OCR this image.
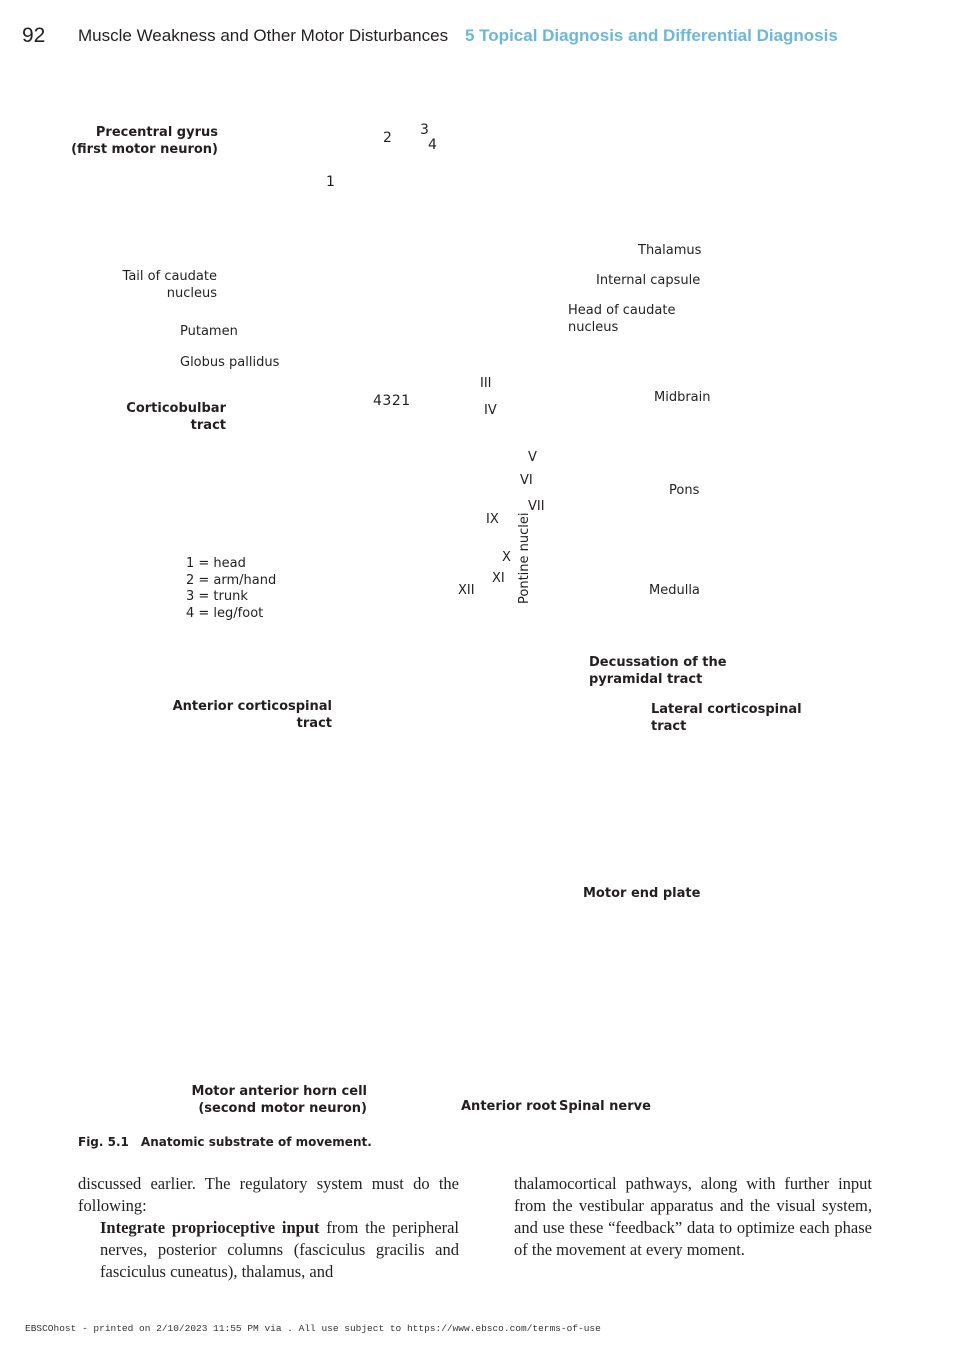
92 Muscle Weakness and Other Motor Disturbances 5 Topical Diagnosis and Differential Diagnosis
Precentral gyrus
(first motor neuron)
2 3
4
1
Thalamus
Tail of caudate
nucleus
Internal capsule
Head of caudate
nucleus
Putamen
Globus pallidus
III
Corticobulbar
tract
4321
IV
Midbrain
V
VI
VII
Pons
IX
X
XI
XII	Pontine nuclei	Medulla
1 = head
2 = arm/hand
3 = trunk
4 = leg/foot
Decussation of the
pyramidal tract
Anterior corticospinal
tract
Lateral corticospinal
tract
Motor end plate
Motor anterior horn cell
(second motor neuron)	Anterior root Spinal nerve
Fig. 5.1 Anatomic substrate of movement.

discussed earlier. The regulatory system must do the following:

Integrate proprioceptive input from the peripheral nerves, posterior columns (fasciculus gracilis and fasciculus cuneatus), thalamus, and

thalamocortical pathways, along with further input from the vestibular apparatus and the visual system, and use these “feedback” data to optimize each phase of the movement at every moment.

EBSCOhost - printed on 2/10/2023 11:55 PM via . All use subject to https://www.ebsco.com/terms-of-use
